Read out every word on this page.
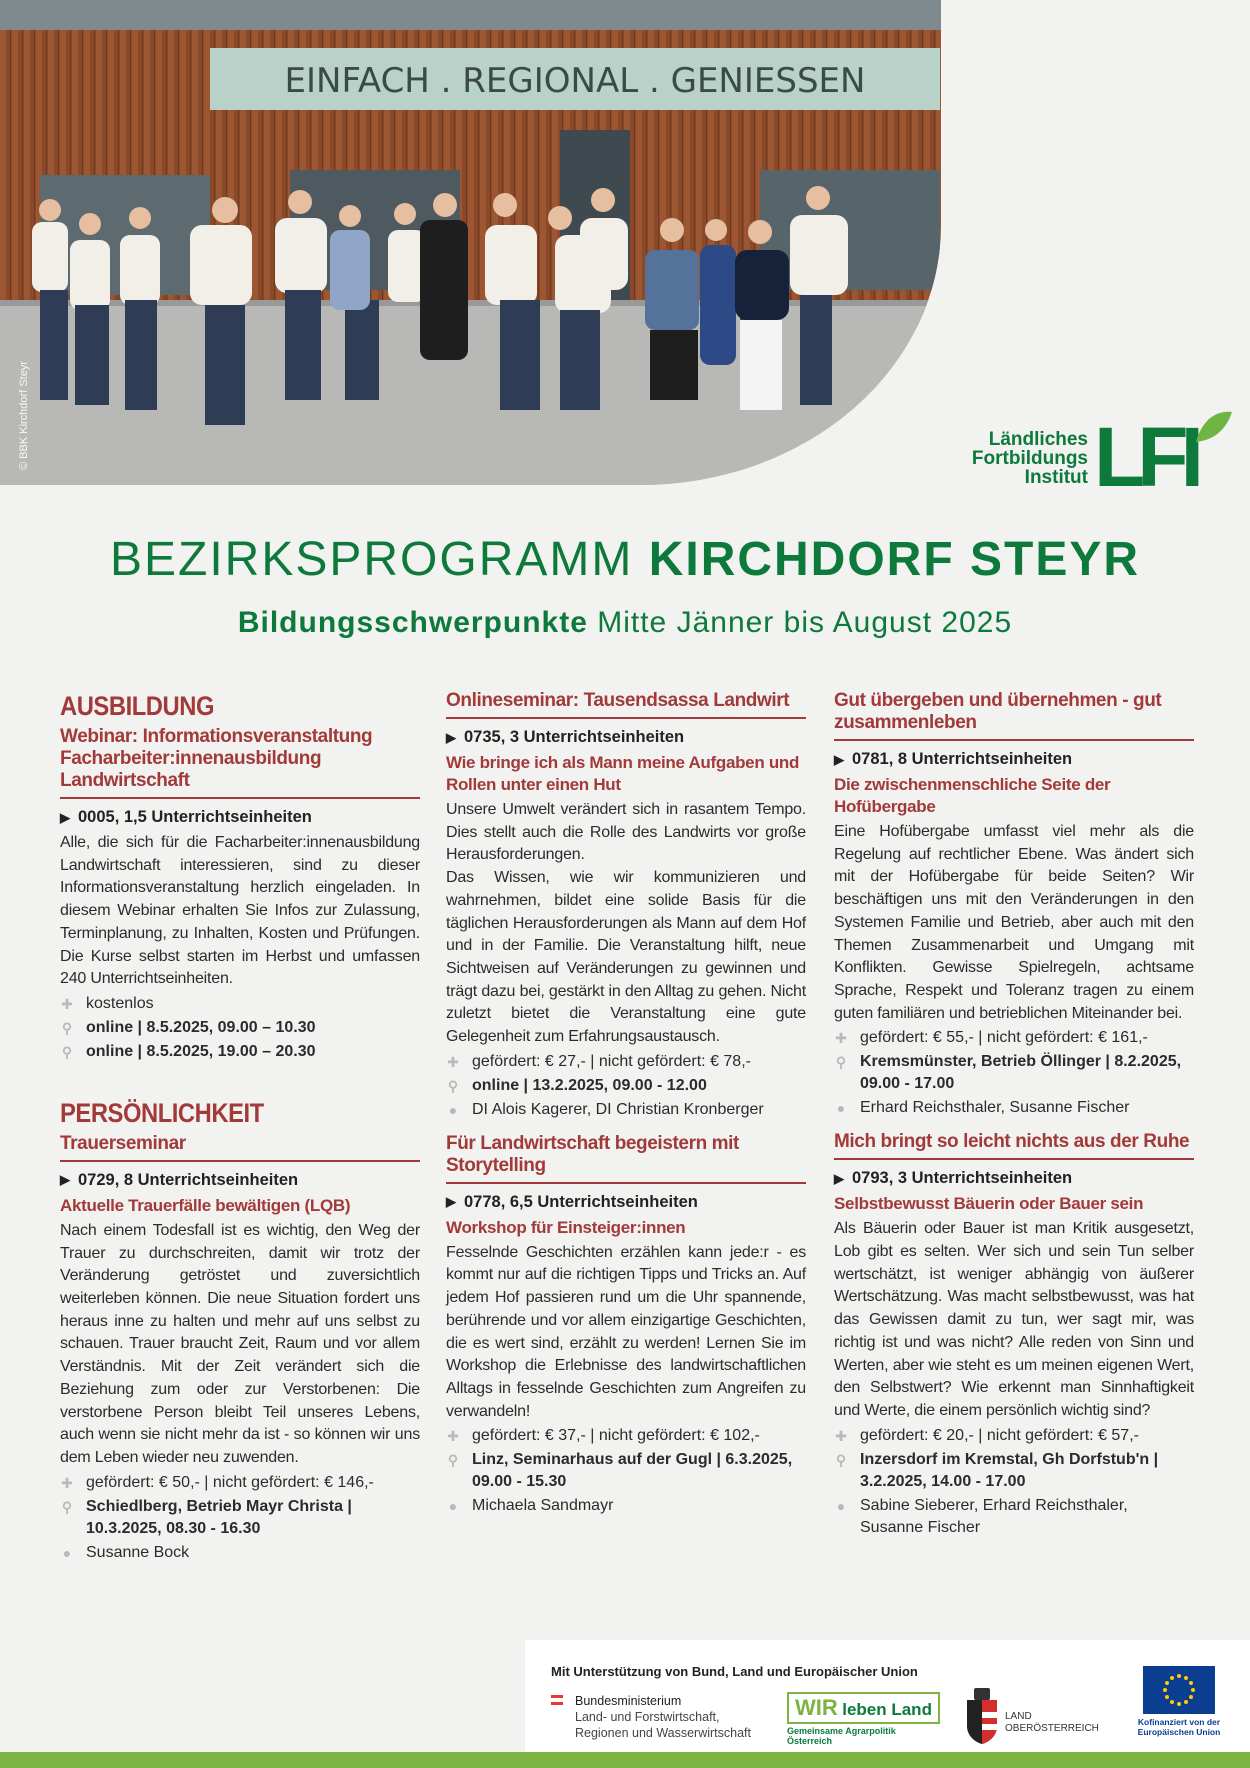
EINFACH . REGIONAL . GENIESSEN
© BBK Kirchdorf Steyr	Ländliches
Fortbildungs
Institut LFI
BEZIRKSPROGRAMM KIRCHDORF STEYR
Bildungsschwerpunkte Mitte Jänner bis August 2025
AUSBILDUNG
Webinar: Informationsveranstaltung Facharbeiter:innenausbildung Landwirtschaft
▶ 0005, 1,5 Unterrichtseinheiten
Alle, die sich für die Facharbeiter:innenausbildung Landwirtschaft interessieren, sind zu dieser Informationsveranstaltung herzlich eingeladen. In diesem Webinar erhalten Sie Infos zur Zulassung, Terminplanung, zu Inhalten, Kosten und Prüfungen. Die Kurse selbst starten im Herbst und umfassen 240 Unterrichtseinheiten.
✚ kostenlos
⚲ online | 8.5.2025, 09.00 – 10.30
⚲ online | 8.5.2025, 19.00 – 20.30
PERSÖNLICHKEIT
Trauerseminar
▶ 0729, 8 Unterrichtseinheiten
Aktuelle Trauerfälle bewältigen (LQB)
Nach einem Todesfall ist es wichtig, den Weg der Trauer zu durchschreiten, damit wir trotz der Veränderung getröstet und zuversichtlich weiterleben können. Die neue Situation fordert uns heraus inne zu halten und mehr auf uns selbst zu schauen. Trauer braucht Zeit, Raum und vor allem Verständnis. Mit der Zeit verändert sich die Beziehung zum oder zur Verstorbenen: Die verstorbene Person bleibt Teil unseres Lebens, auch wenn sie nicht mehr da ist - so können wir uns dem Leben wieder neu zuwenden.
✚ gefördert: € 50,- | nicht gefördert: € 146,-
⚲ Schiedlberg, Betrieb Mayr Christa | 10.3.2025, 08.30 - 16.30
● Susanne Bock
Onlineseminar: Tausendsassa Landwirt
▶ 0735, 3 Unterrichtseinheiten
Wie bringe ich als Mann meine Aufgaben und Rollen unter einen Hut
Unsere Umwelt verändert sich in rasantem Tempo. Dies stellt auch die Rolle des Landwirts vor große Herausforderungen.
Das Wissen, wie wir kommunizieren und wahrnehmen, bildet eine solide Basis für die täglichen Herausforderungen als Mann auf dem Hof und in der Familie. Die Veranstaltung hilft, neue Sichtweisen auf Veränderungen zu gewinnen und trägt dazu bei, gestärkt in den Alltag zu gehen. Nicht zuletzt bietet die Veranstaltung eine gute Gelegenheit zum Erfahrungsaustausch.
✚ gefördert: € 27,- | nicht gefördert: € 78,-
⚲ online | 13.2.2025, 09.00 - 12.00
● DI Alois Kagerer, DI Christian Kronberger
Für Landwirtschaft begeistern mit Storytelling
▶ 0778, 6,5 Unterrichtseinheiten
Workshop für Einsteiger:innen
Fesselnde Geschichten erzählen kann jede:r - es kommt nur auf die richtigen Tipps und Tricks an. Auf jedem Hof passieren rund um die Uhr spannende, berührende und vor allem einzigartige Geschichten, die es wert sind, erzählt zu werden! Lernen Sie im Workshop die Erlebnisse des landwirtschaftlichen Alltags in fesselnde Geschichten zum Angreifen zu verwandeln!
✚ gefördert: € 37,- | nicht gefördert: € 102,-
⚲ Linz, Seminarhaus auf der Gugl | 6.3.2025, 09.00 - 15.30
● Michaela Sandmayr
Gut übergeben und übernehmen - gut zusammenleben
▶ 0781, 8 Unterrichtseinheiten
Die zwischenmenschliche Seite der Hofübergabe
Eine Hofübergabe umfasst viel mehr als die Regelung auf rechtlicher Ebene. Was ändert sich mit der Hofübergabe für beide Seiten? Wir beschäftigen uns mit den Veränderungen in den Systemen Familie und Betrieb, aber auch mit den Themen Zusammenarbeit und Umgang mit Konflikten. Gewisse Spielregeln, achtsame Sprache, Respekt und Toleranz tragen zu einem guten familiären und betrieblichen Miteinander bei.
✚ gefördert: € 55,- | nicht gefördert: € 161,-
⚲ Kremsmünster, Betrieb Öllinger | 8.2.2025, 09.00 - 17.00
● Erhard Reichsthaler, Susanne Fischer
Mich bringt so leicht nichts aus der Ruhe
▶ 0793, 3 Unterrichtseinheiten
Selbstbewusst Bäuerin oder Bauer sein
Als Bäuerin oder Bauer ist man Kritik ausgesetzt, Lob gibt es selten. Wer sich und sein Tun selber wertschätzt, ist weniger abhängig von äußerer Wertschätzung. Was macht selbstbewusst, was hat das Gewissen damit zu tun, wer sagt mir, was richtig ist und was nicht? Alle reden von Sinn und Werten, aber wie steht es um meinen eigenen Wert, den Selbstwert? Wie erkennt man Sinnhaftigkeit und Werte, die einem persönlich wichtig sind?
✚ gefördert: € 20,- | nicht gefördert: € 57,-
⚲ Inzersdorf im Kremstal, Gh Dorfstub'n | 3.2.2025, 14.00 - 17.00
● Sabine Sieberer, Erhard Reichsthaler, Susanne Fischer
Mit Unterstützung von Bund, Land und Europäischer Union
Bundesministerium
Land- und Forstwirtschaft,
Regionen und Wasserwirtschaft
WIR leben Land
Gemeinsame Agrarpolitik Österreich
LAND
OBERÖSTERREICH
Kofinanziert von der Europäischen Union
